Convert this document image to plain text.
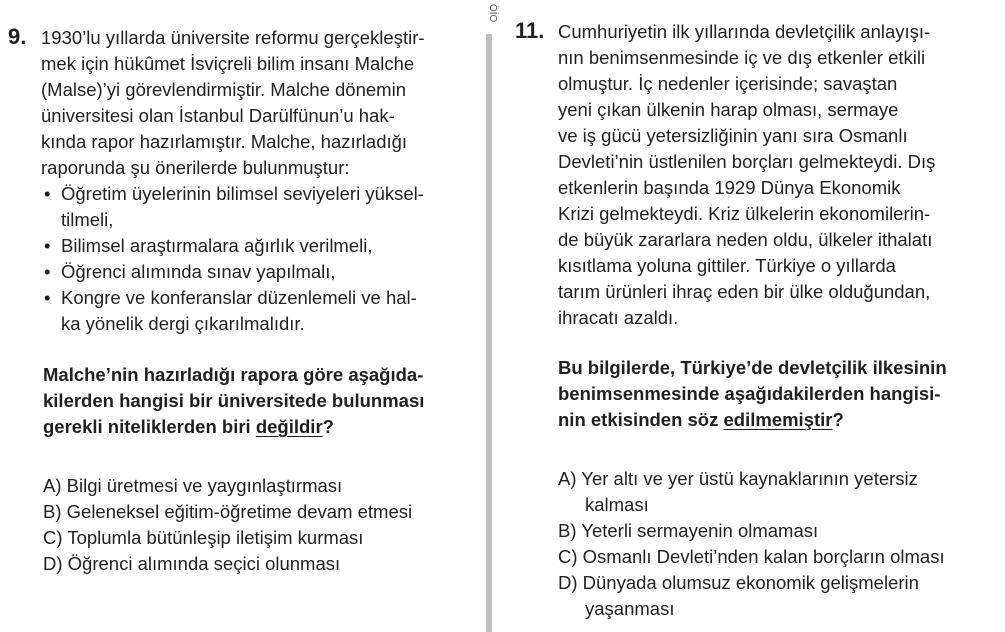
ÖİO
9. 1930’lu yıllarda üniversite reformu gerçekleştir-
mek için hükûmet İsviçreli bilim insanı Malche
(Malse)’yi görevlendirmiştir. Malche dönemin
üniversitesi olan İstanbul Darülfünun’u hak-
kında rapor hazırlamıştır. Malche, hazırladığı
raporunda şu önerilerde bulunmuştur:
• Öğretim üyelerinin bilimsel seviyeleri yüksel-
tilmeli,
• Bilimsel araştırmalara ağırlık verilmeli,
• Öğrenci alımında sınav yapılmalı,
• Kongre ve konferanslar düzenlemeli ve hal-
ka yönelik dergi çıkarılmalıdır.
Malche’nin hazırladığı rapora göre aşağıda-
kilerden hangisi bir üniversitede bulunması
gerekli niteliklerden biri değildir?
A) Bilgi üretmesi ve yaygınlaştırması
B) Geleneksel eğitim-öğretime devam etmesi
C) Toplumla bütünleşip iletişim kurması
D) Öğrenci alımında seçici olunması
11. Cumhuriyetin ilk yıllarında devletçilik anlayışı-
nın benimsenmesinde iç ve dış etkenler etkili
olmuştur. İç nedenler içerisinde; savaştan
yeni çıkan ülkenin harap olması, sermaye
ve iş gücü yetersizliğinin yanı sıra Osmanlı
Devleti’nin üstlenilen borçları gelmekteydi. Dış
etkenlerin başında 1929 Dünya Ekonomik
Krizi gelmekteydi. Kriz ülkelerin ekonomilerin-
de büyük zararlara neden oldu, ülkeler ithalatı
kısıtlama yoluna gittiler. Türkiye o yıllarda
tarım ürünleri ihraç eden bir ülke olduğundan,
ihracatı azaldı.
Bu bilgilerde, Türkiye’de devletçilik ilkesinin
benimsenmesinde aşağıdakilerden hangisi-
nin etkisinden söz edilmemiştir?
A) Yer altı ve yer üstü kaynaklarının yetersiz
kalması
B) Yeterli sermayenin olmaması
C) Osmanlı Devleti’nden kalan borçların olması
D) Dünyada olumsuz ekonomik gelişmelerin
yaşanması
